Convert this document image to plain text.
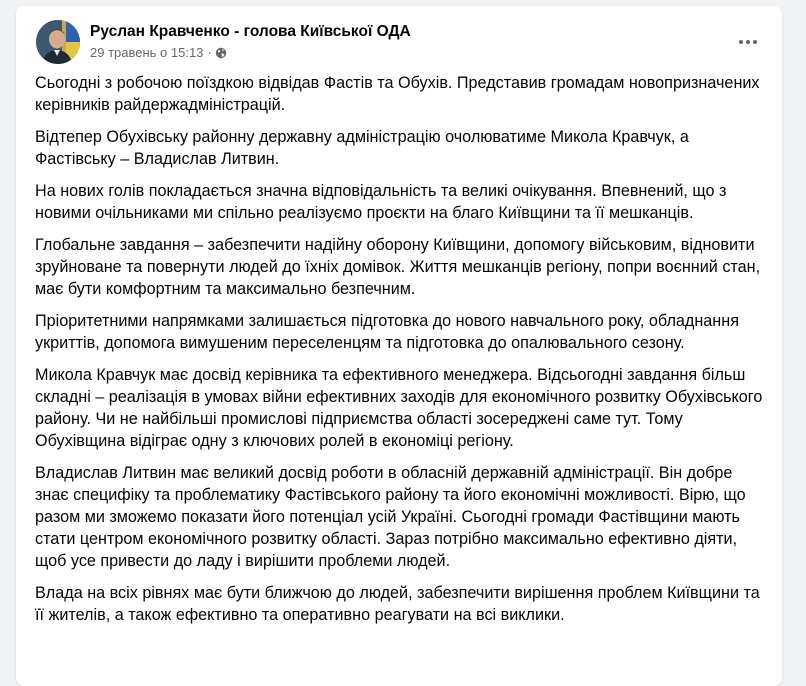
Руслан Кравченко - голова Київської ОДА
29 травень о 15:13 ·

Сьогодні з робочою поїздкою відвідав Фастів та Обухів. Представив громадам новопризначених керівників райдержадміністрацій.

Відтепер Обухівську районну державну адміністрацію очолюватиме Микола Кравчук, а Фастівську – Владислав Литвин.

На нових голів покладається значна відповідальність та великі очікування. Впевнений, що з новими очільниками ми спільно реалізуємо проєкти на благо Київщини та її мешканців.

Глобальне завдання – забезпечити надійну оборону Київщини, допомогу військовим, відновити зруйноване та повернути людей до їхніх домівок. Життя мешканців регіону, попри воєнний стан, має бути комфортним та максимально безпечним.

Пріоритетними напрямками залишається підготовка до нового навчального року, обладнання укриттів, допомога вимушеним переселенцям та підготовка до опалювального сезону.

Микола Кравчук має досвід керівника та ефективного менеджера. Відсьогодні завдання більш складні – реалізація в умовах війни ефективних заходів для економічного розвитку Обухівського району. Чи не найбільші промислові підприємства області зосереджені саме тут. Тому Обухівщина відіграє одну з ключових ролей в економіці регіону.

Владислав Литвин має великий досвід роботи в обласній державній адміністрації. Він добре знає специфіку та проблематику Фастівського району та його економічні можливості. Вірю, що разом ми зможемо показати його потенціал усій Україні. Сьогодні громади Фастівщини мають стати центром економічного розвитку області. Зараз потрібно максимально ефективно діяти, щоб усе привести до ладу і вирішити проблеми людей.

Влада на всіх рівнях має бути ближчою до людей, забезпечити вирішення проблем Київщини та її жителів, а також ефективно та оперативно реагувати на всі виклики.
